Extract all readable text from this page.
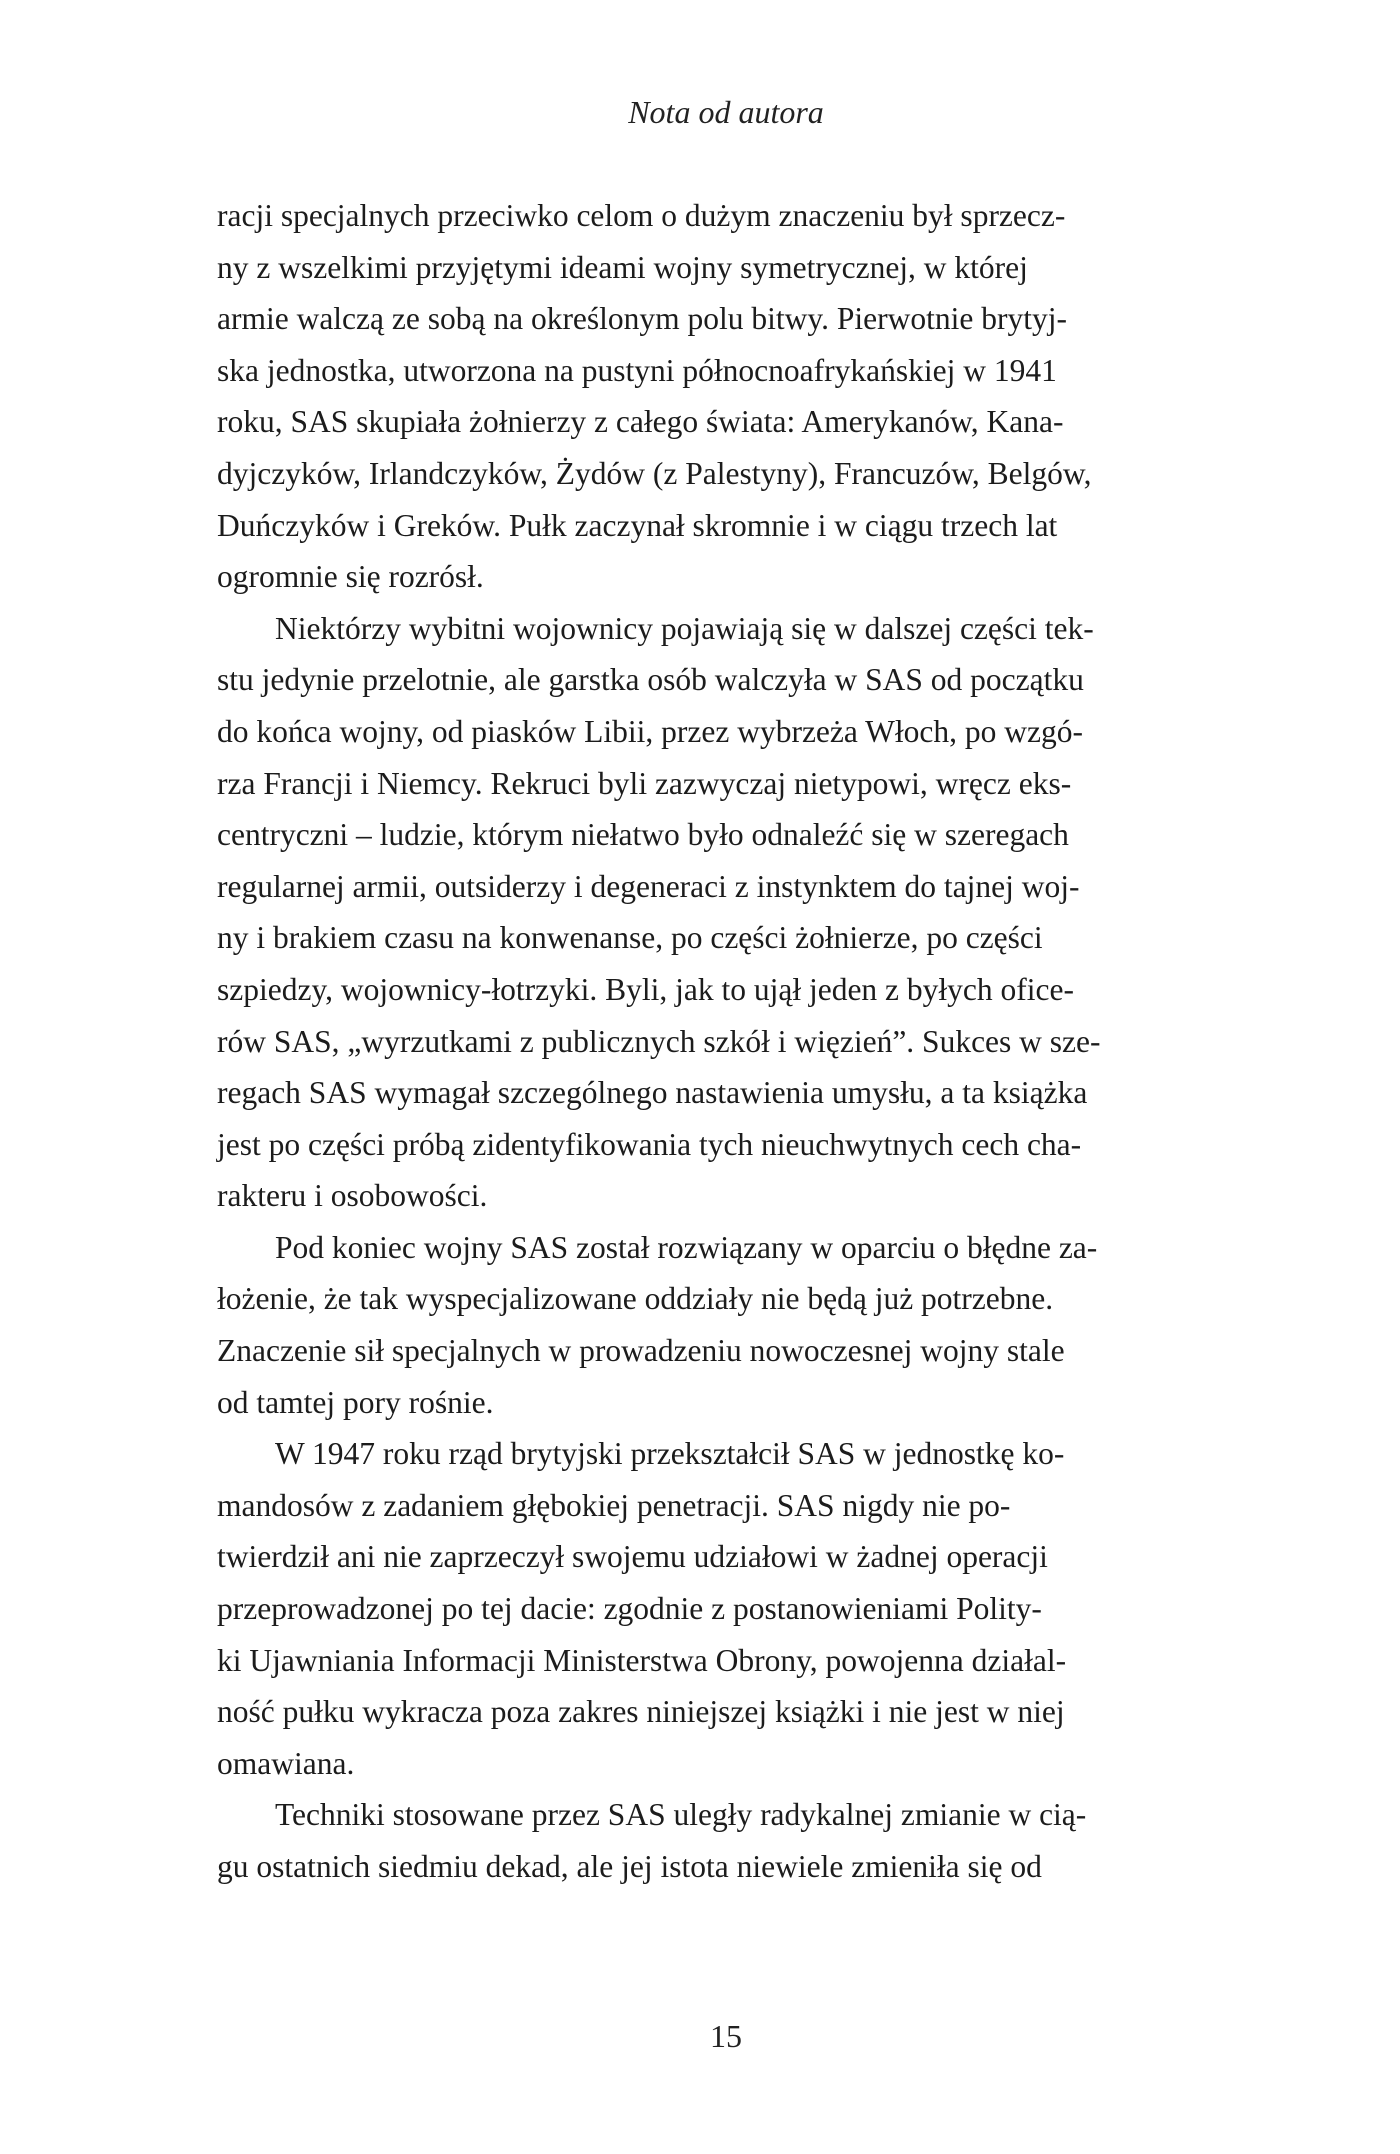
Nota od autora
racji specjalnych przeciwko celom o dużym znaczeniu był sprzecz-
ny z wszelkimi przyjętymi ideami wojny symetrycznej, w której
armie walczą ze sobą na określonym polu bitwy. Pierwotnie brytyj-
ska jednostka, utworzona na pustyni północnoafrykańskiej w 1941
roku, SAS skupiała żołnierzy z całego świata: Amerykanów, Kana-
dyjczyków, Irlandczyków, Żydów (z Palestyny), Francuzów, Belgów,
Duńczyków i Greków. Pułk zaczynał skromnie i w ciągu trzech lat
ogromnie się rozrósł.
Niektórzy wybitni wojownicy pojawiają się w dalszej części tek-
stu jedynie przelotnie, ale garstka osób walczyła w SAS od początku
do końca wojny, od piasków Libii, przez wybrzeża Włoch, po wzgó-
rza Francji i Niemcy. Rekruci byli zazwyczaj nietypowi, wręcz eks-
centryczni – ludzie, którym niełatwo było odnaleźć się w szeregach
regularnej armii, outsiderzy i degeneraci z instynktem do tajnej woj-
ny i brakiem czasu na konwenanse, po części żołnierze, po części
szpiedzy, wojownicy-łotrzyki. Byli, jak to ujął jeden z byłych ofice-
rów SAS, „wyrzutkami z publicznych szkół i więzień”. Sukces w sze-
regach SAS wymagał szczególnego nastawienia umysłu, a ta książka
jest po części próbą zidentyfikowania tych nieuchwytnych cech cha-
rakteru i osobowości.
Pod koniec wojny SAS został rozwiązany w oparciu o błędne za-
łożenie, że tak wyspecjalizowane oddziały nie będą już potrzebne.
Znaczenie sił specjalnych w prowadzeniu nowoczesnej wojny stale
od tamtej pory rośnie.
W 1947 roku rząd brytyjski przekształcił SAS w jednostkę ko-
mandosów z zadaniem głębokiej penetracji. SAS nigdy nie po-
twierdził ani nie zaprzeczył swojemu udziałowi w żadnej operacji
przeprowadzonej po tej dacie: zgodnie z postanowieniami Polity-
ki Ujawniania Informacji Ministerstwa Obrony, powojenna działal-
ność pułku wykracza poza zakres niniejszej książki i nie jest w niej
omawiana.
Techniki stosowane przez SAS uległy radykalnej zmianie w cią-
gu ostatnich siedmiu dekad, ale jej istota niewiele zmieniła się od
15
